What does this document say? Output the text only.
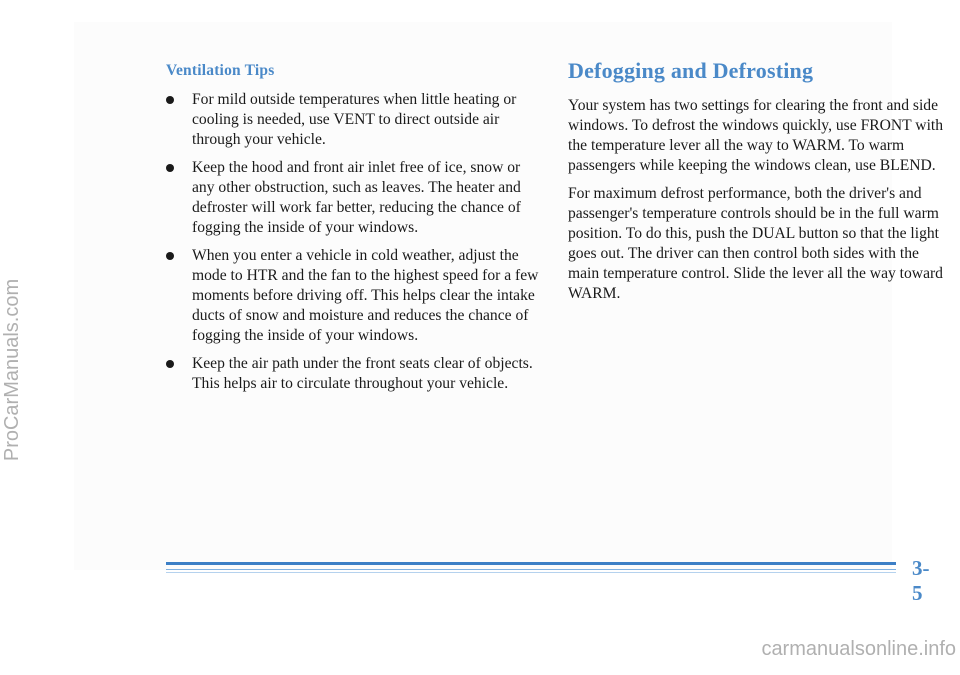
Ventilation Tips
For mild outside temperatures when little heating or cooling is needed, use VENT to direct outside air through your vehicle.
Keep the hood and front air inlet free of ice, snow or any other obstruction, such as leaves. The heater and defroster will work far better, reducing the chance of fogging the inside of your windows.
When you enter a vehicle in cold weather, adjust the mode to HTR and the fan to the highest speed for a few moments before driving off. This helps clear the intake ducts of snow and moisture and reduces the chance of fogging the inside of your windows.
Keep the air path under the front seats clear of objects. This helps air to circulate throughout your vehicle.
Defogging and Defrosting

Your system has two settings for clearing the front and side windows. To defrost the windows quickly, use FRONT with the temperature lever all the way to WARM. To warm passengers while keeping the windows clean, use BLEND.

For maximum defrost performance, both the driver's and passenger's temperature controls should be in the full warm position. To do this, push the DUAL button so that the light goes out. The driver can then control both sides with the main temperature control. Slide the lever all the way toward WARM.

3-5
ProCarManuals.com
carmanualsonline.info
